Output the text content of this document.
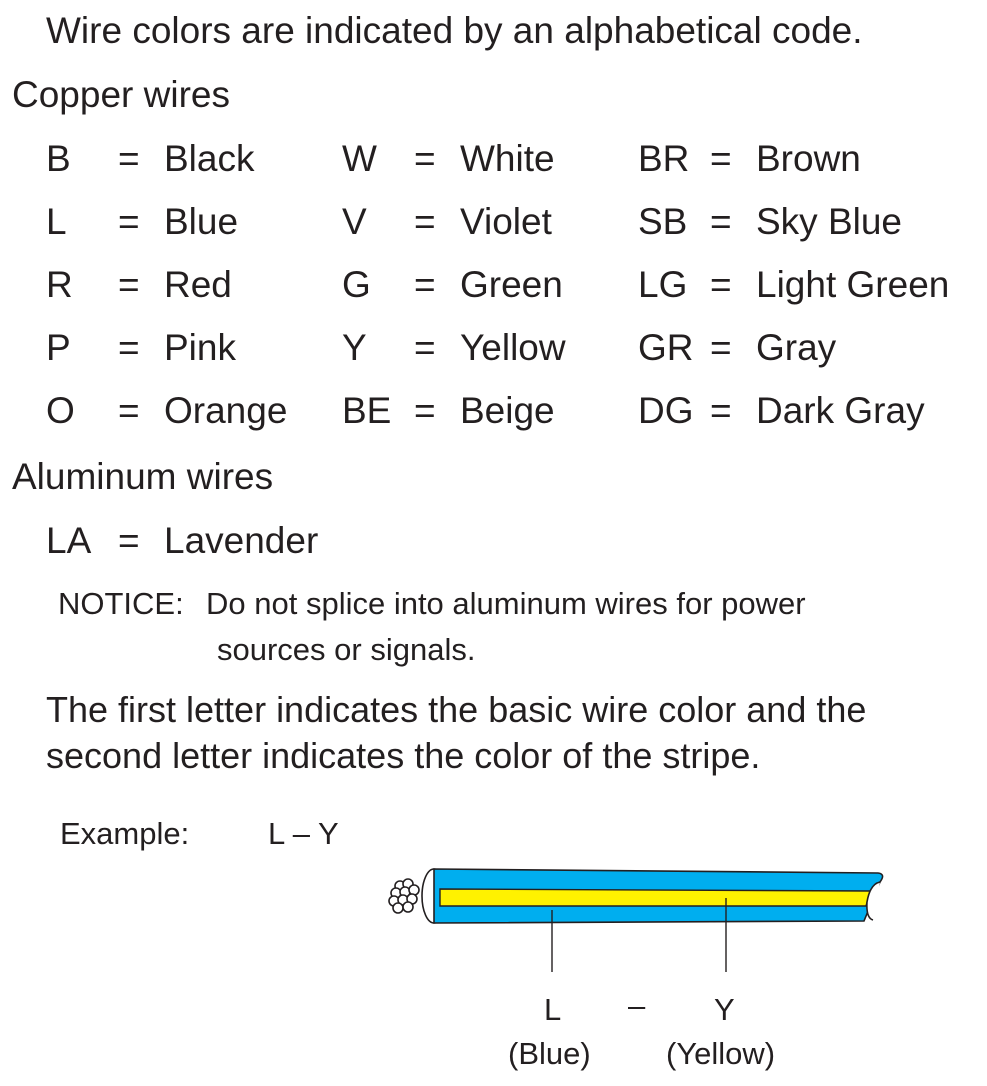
Wire colors are indicated by an alphabetical code.
Copper wires
B = Black W = White BR = Brown
L = Blue	V = Violet SB = Sky Blue
R = Red	G = Green LG = Light Green
P = Pink	Y = Yellow GR = Gray
O = Orange BE = Beige DG = Dark Gray
Aluminum wires
LA = Lavender
NOTICE: Do not splice into aluminum wires for power
sources or signals.
The first letter indicates the basic wire color and the
second letter indicates the color of the stripe.
Example:	L – Y
L – Y
(Blue) (Yellow)
